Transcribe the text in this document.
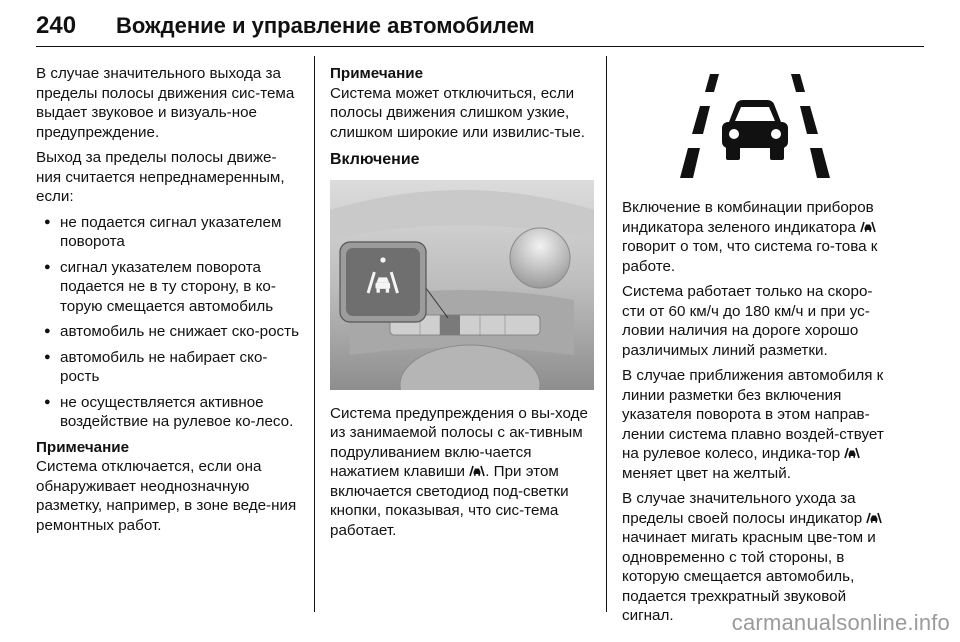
240 Вождение и управление автомобилем

В случае значительного выхода за пределы полосы движения сис-тема выдает звуковое и визуаль-ное предупреждение.

Выход за пределы полосы движе-ния считается непреднамеренным, если:

● не подается сигнал указателем поворота
● сигнал указателем поворота подается не в ту сторону, в ко-торую смещается автомобиль
● автомобиль не снижает ско-рость
● автомобиль не набирает ско-рость
● не осуществляется активное воздействие на рулевое ко-лесо.
Примечание
Система отключается, если она обнаруживает неоднозначную разметку, например, в зоне веде-ния ремонтных работ.
Примечание
Система может отключиться, если полосы движения слишком узкие, слишком широкие или извилис-тые.
Включение

Система предупреждения о вы-ходе из занимаемой полосы с ак-тивным подруливанием вклю-чается нажатием клавиши . При этом включается светодиод под-светки кнопки, показывая, что сис-тема работает.

Включение в комбинации приборов индикатора зеленого индикатора  говорит о том, что система го-това к работе.

Система работает только на скоро-сти от 60 км/ч до 180 км/ч и при ус-ловии наличия на дороге хорошо различимых линий разметки.

В случае приближения автомобиля к линии разметки без включения указателя поворота в этом направ-лении система плавно воздей-ствует на рулевое колесо, индика-тор  меняет цвет на желтый.

В случае значительного ухода за пределы своей полосы индикатор  начинает мигать красным цве-том и одновременно с той стороны, в которую смещается автомобиль, подается трехкратный звуковой сигнал.	carmanualsonline.info
